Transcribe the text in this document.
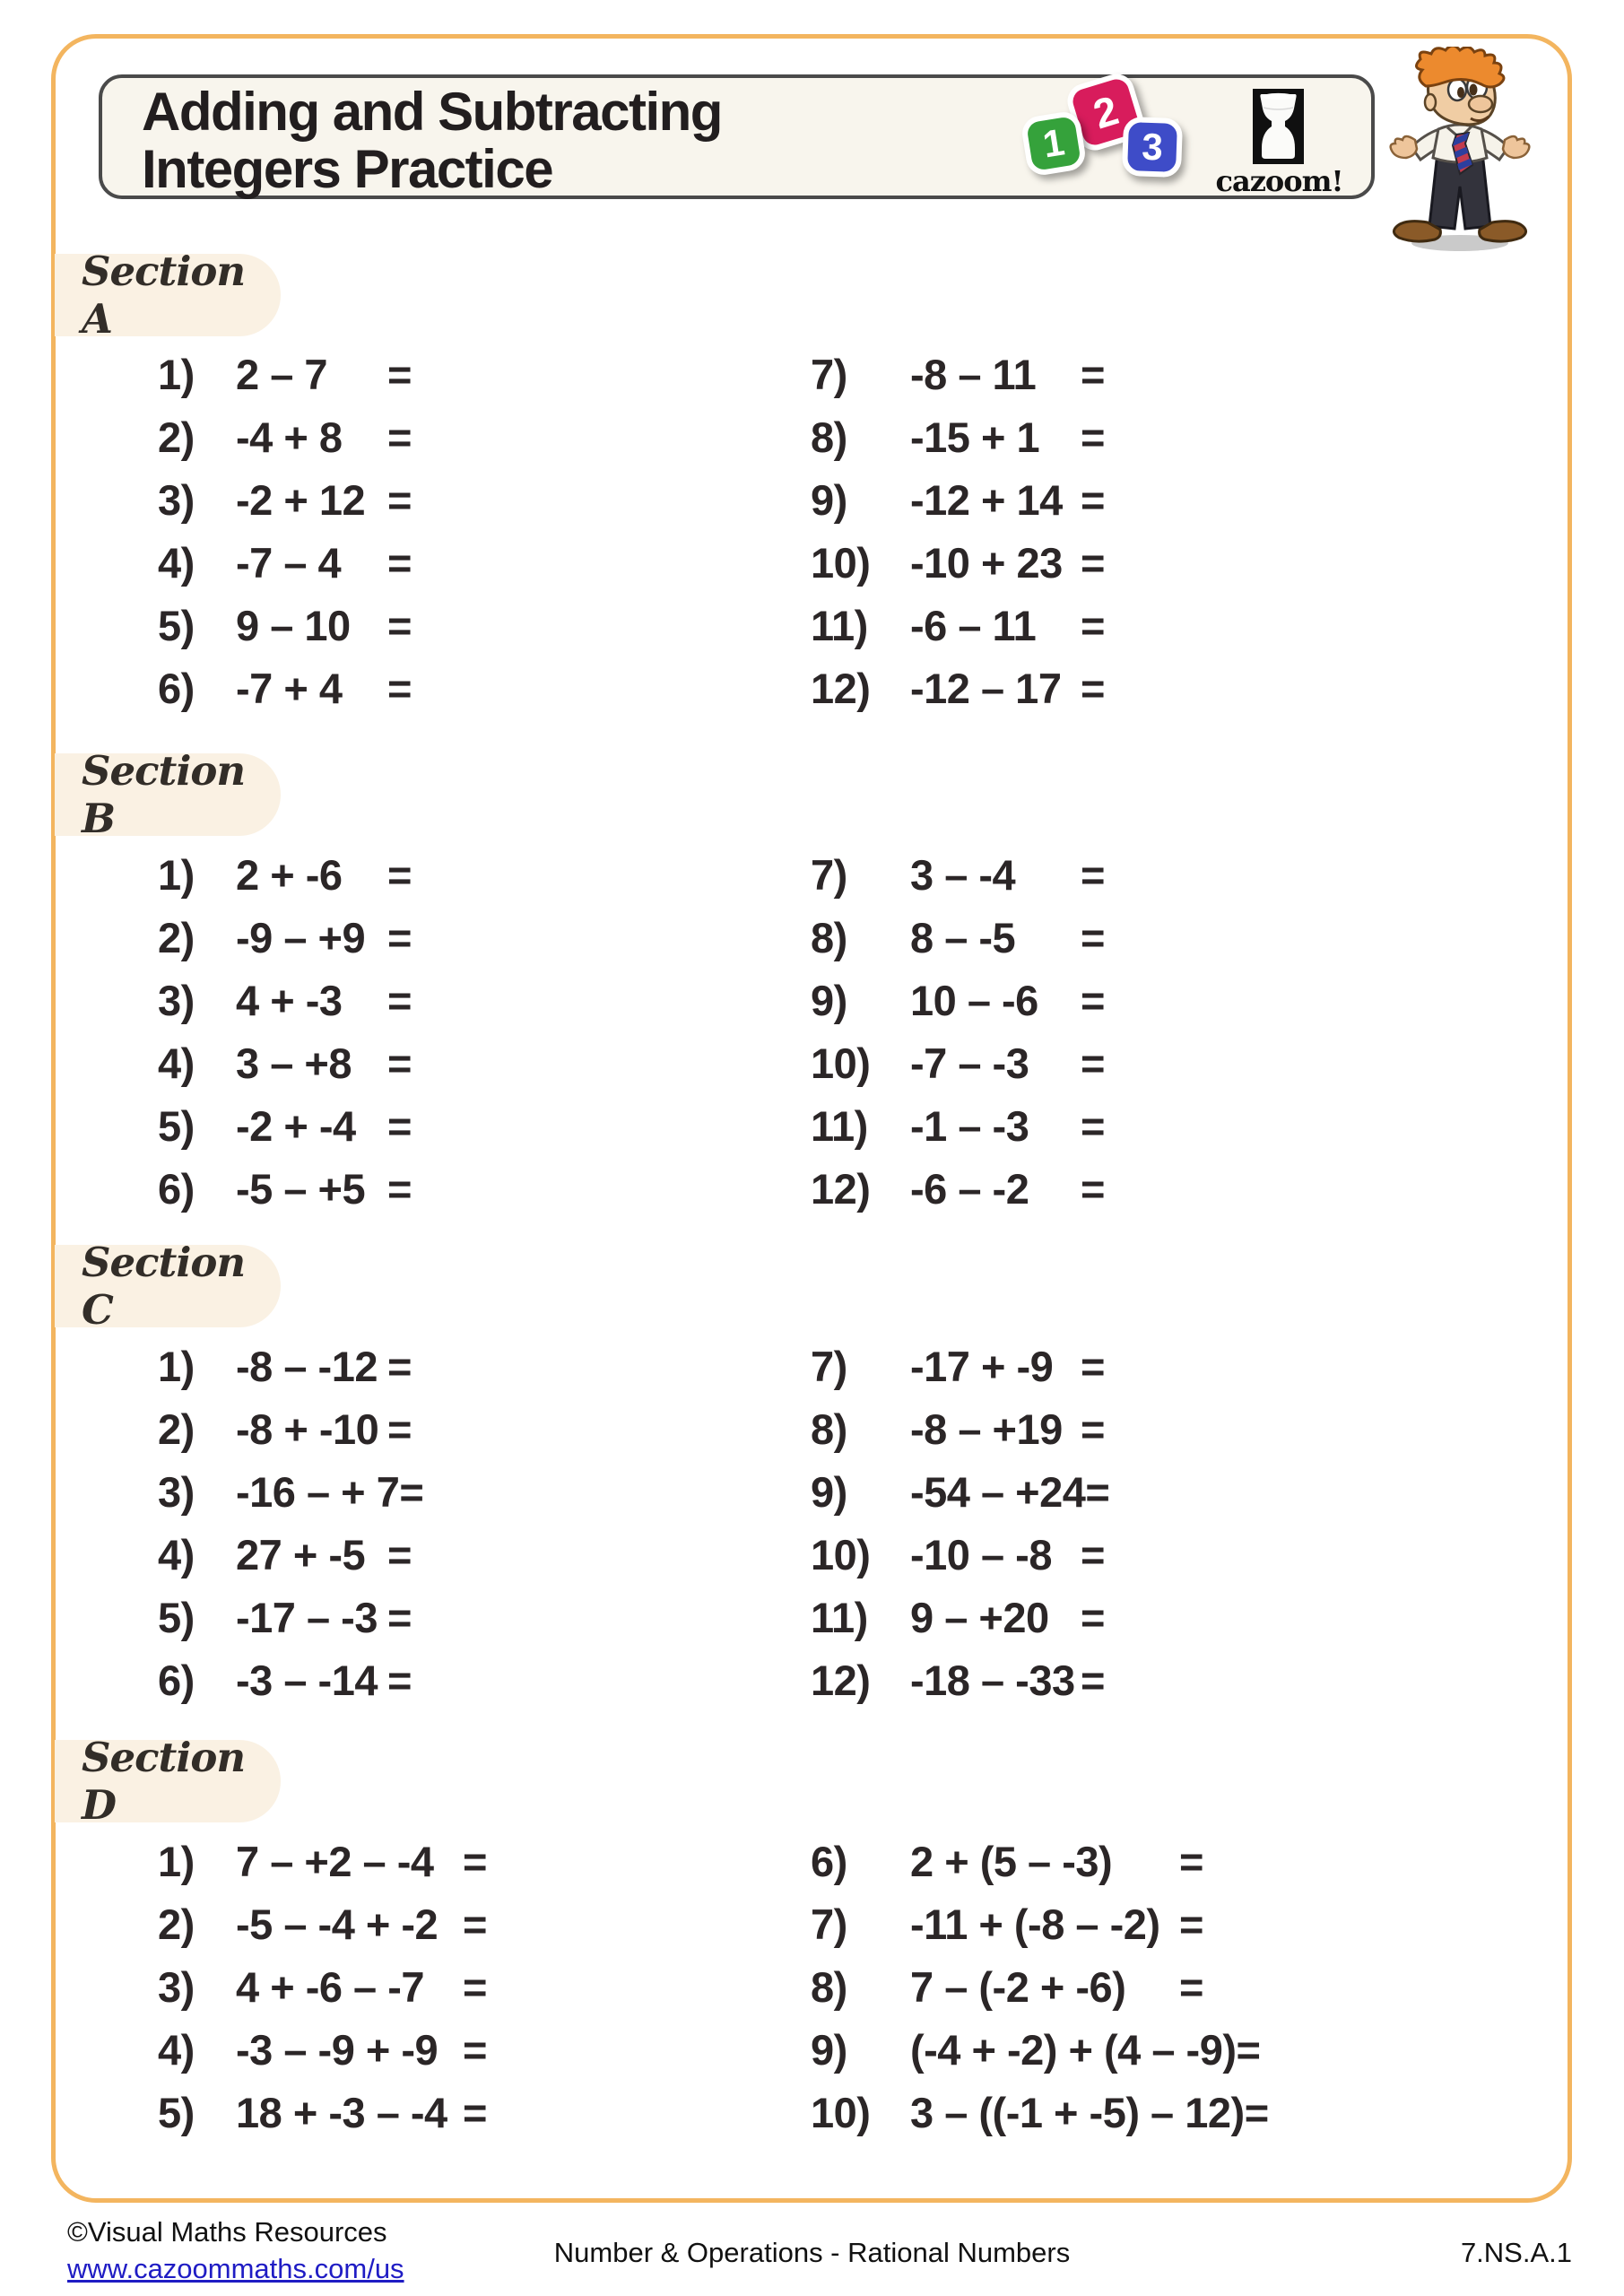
Adding and Subtracting
Integers Practice
2
1 3
cazoom!
Section A
1) 2 – 7	=
2) -4 + 8	=
3) -2 + 12 =
4) -7 – 4	=
5) 9 – 10 =
6) -7 + 4	=
7)	-8 – 11	=
8)	-15 + 1 =
9)	-12 + 14 =
10) -10 + 23 =
11)	-6 – 11	=
12) -12 – 17 =
Section B
1) 2 + -6	=
2) -9 – +9 =
3) 4 + -3	=
4) 3 – +8 =
5) -2 + -4 =
6) -5 – +5 =
7)	3 – -4	=
8)	8 – -5	=
9)	10 – -6	=
10) -7 – -3	=
11)	-1 – -3	=
12) -6 – -2	=
Section C
1) -8 – -12 =
2) -8 + -10 =
3) -16 – + 7 =
4) 27 + -5 =
5) -17 – -3 =
6) -3 – -14 =
7)	-17 + -9 =
8)	-8 – +19 =
9)	-54 – +24 =
10) -10 – -8 =
11)	9 – +20 =
12) -18 – -33 =
Section D
1) 7 – +2 – -4 =
2) -5 – -4 + -2 =
3) 4 + -6 – -7 =
4) -3 – -9 + -9 =
5) 18 + -3 – -4 =
6)	2 + (5 – -3)	=
7)	-11 + (-8 – -2) =
8)	7 – (-2 + -6)	=
9)	(-4 + -2) + (4 – -9) =
10) 3 – ((-1 + -5) – 12) =
©Visual Maths Resources
www.cazoommaths.com/us
Number & Operations - Rational Numbers	7.NS.A.1
